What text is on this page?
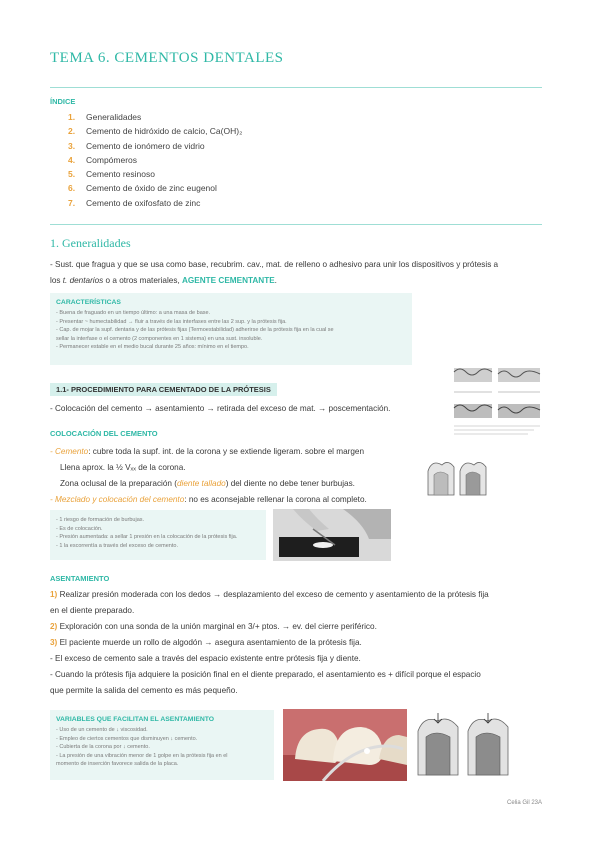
TEMA 6. CEMENTOS DENTALES
ÍNDICE
1. Generalidades
2. Cemento de hidróxido de calcio, Ca(OH)₂
3. Cemento de ionómero de vidrio
4. Compómeros
5. Cemento resinoso
6. Cemento de óxido de zinc eugenol
7. Cemento de oxifosfato de zinc
1. Generalidades
- Sust. que fragua y que se usa como base, recubrim. cav., mat. de relleno o adhesivo para unir los dispositivos y prótesis a
los t. dentarios o a otros materiales, AGENTE CEMENTANTE.
CARACTERÍSTICAS
- Buena de fraguado en un tiempo último: a una masa de base.
- Presentar ~ humectabilidad → fluir a través de las interfases entre las 2 sup. y la prótesis fija.
- Cap. de mojar la supf. dentaria y de las prótesis fijas (Termoestabilidad) adherirse de la prótesis fija en la cual se
sellar la interfase o el cemento (2 componentes en 1 sistema) en una sust. insoluble.
- Permanecer estable en el medio bucal durante 25 años: mínimo en el tiempo.
1.1- PROCEDIMIENTO PARA CEMENTADO DE LA PRÓTESIS
- Colocación del cemento → asentamiento → retirada del exceso de mat. → poscementación.
COLOCACIÓN DEL CEMENTO
- Cemento: cubre toda la supf. int. de la corona y se extiende ligeram. sobre el margen
Llena aprox. la ½ Vₓₓ de la corona.
Zona oclusal de la preparación (diente tallado) del diente no debe tener burbujas.
- Mezclado y colocación del cemento: no es aconsejable rellenar la corona al completo.
- 1 riesgo de formación de burbujas.
- Es de colocación.
- Presión aumentada: a sellar 1 presión en la colocación de la prótesis fija.
- 1 la escorrentía a través del exceso de cemento.
ASENTAMIENTO
1) Realizar presión moderada con los dedos → desplazamiento del exceso de cemento y asentamiento de la prótesis fija
en el diente preparado.
2) Exploración con una sonda de la unión marginal en 3/+ ptos. → ev. del cierre periférico.
3) El paciente muerde un rollo de algodón → asegura asentamiento de la prótesis fija.
- El exceso de cemento sale a través del espacio existente entre prótesis fija y diente.
- Cuando la prótesis fija adquiere la posición final en el diente preparado, el asentamiento es + difícil porque el espacio
que permite la salida del cemento es más pequeño.
VARIABLES QUE FACILITAN EL ASENTAMIENTO
- Uso de un cemento de ↓ viscosidad.
- Empleo de ciertos cementos que disminuyen ↓ cemento.
- Cubierta de la corona por ↓ cemento.
- La presión de una vibración menor de 1 golpe en la prótesis fija en el
momento de inserción favorece salida de la placa.
Celia Gil 23A
